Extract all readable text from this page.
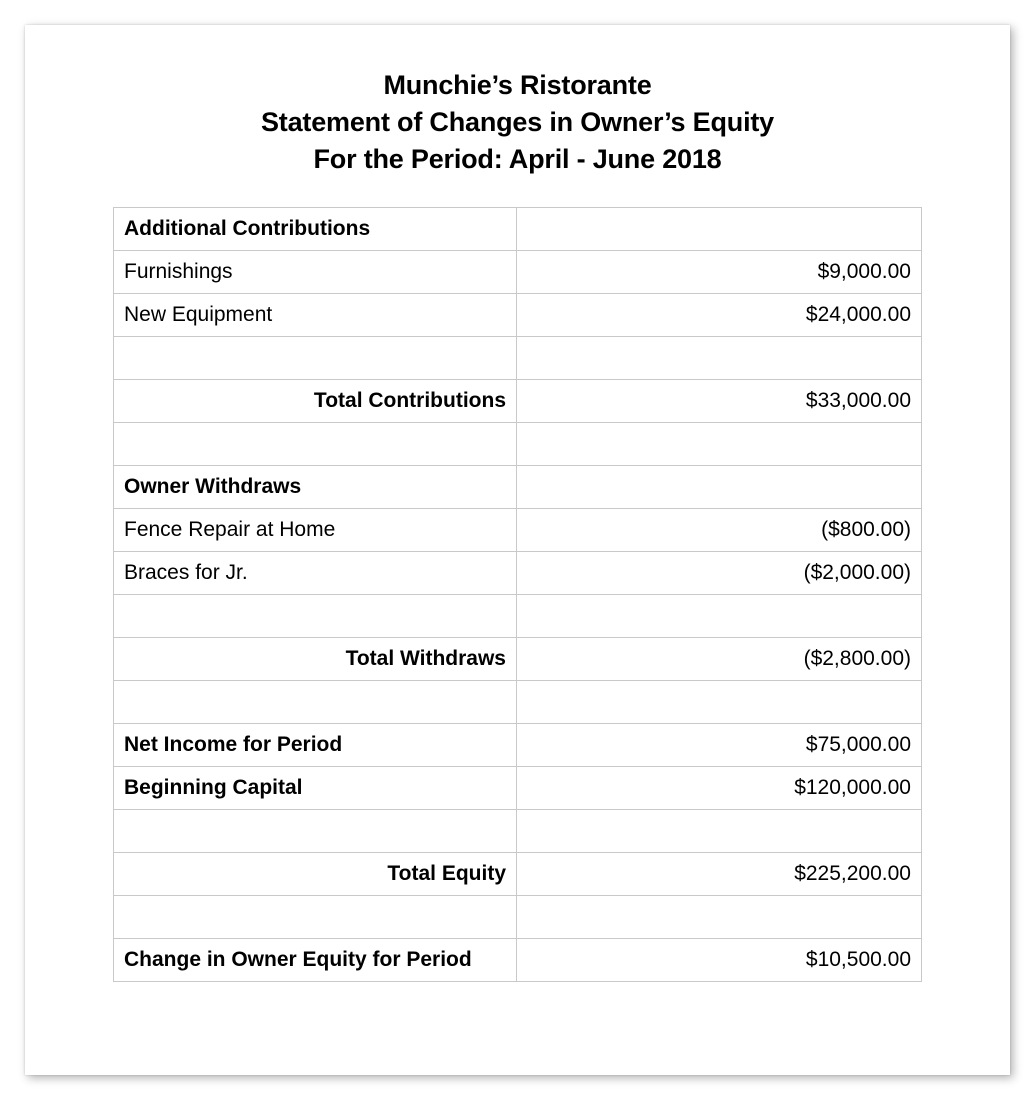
Munchie’s Ristorante
Statement of Changes in Owner’s Equity
For the Period: April - June 2018
Additional Contributions	
Furnishings	$9,000.00
New Equipment	$24,000.00

Total Contributions	$33,000.00

Owner Withdraws	
Fence Repair at Home	($800.00)
Braces for Jr.	($2,000.00)

Total Withdraws	($2,800.00)

Net Income for Period	$75,000.00
Beginning Capital	$120,000.00

Total Equity	$225,200.00

Change in Owner Equity for Period	$10,500.00
